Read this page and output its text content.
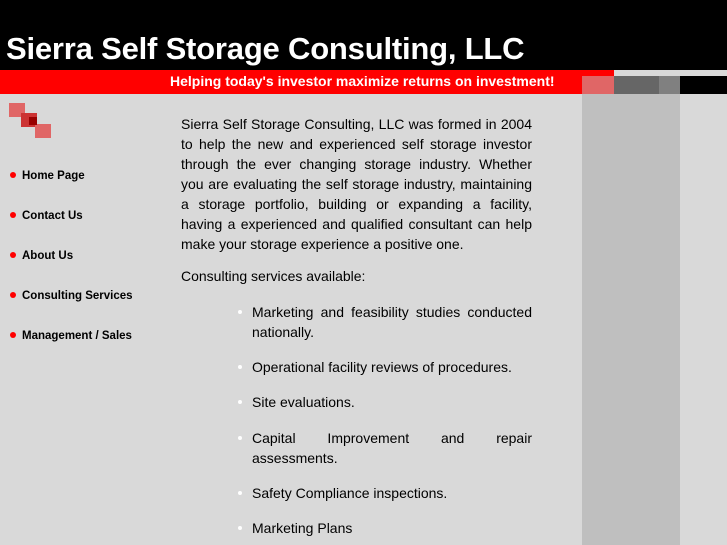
Sierra Self Storage Consulting, LLC
Helping today's investor maximize returns on investment!
Home Page
Contact Us
About Us
Consulting Services
Management / Sales

Sierra Self Storage Consulting, LLC was formed in 2004 to help the new and experienced self storage investor through the ever changing storage industry. Whether you are evaluating the self storage industry, maintaining a storage portfolio, building or expanding a facility, having a experienced and qualified consultant can help make your storage experience a positive one.

Consulting services available:

Marketing and feasibility studies conducted nationally.
Operational facility reviews of procedures.
Site evaluations.
Capital Improvement and repair assessments.
Safety Compliance inspections.
Marketing Plans
